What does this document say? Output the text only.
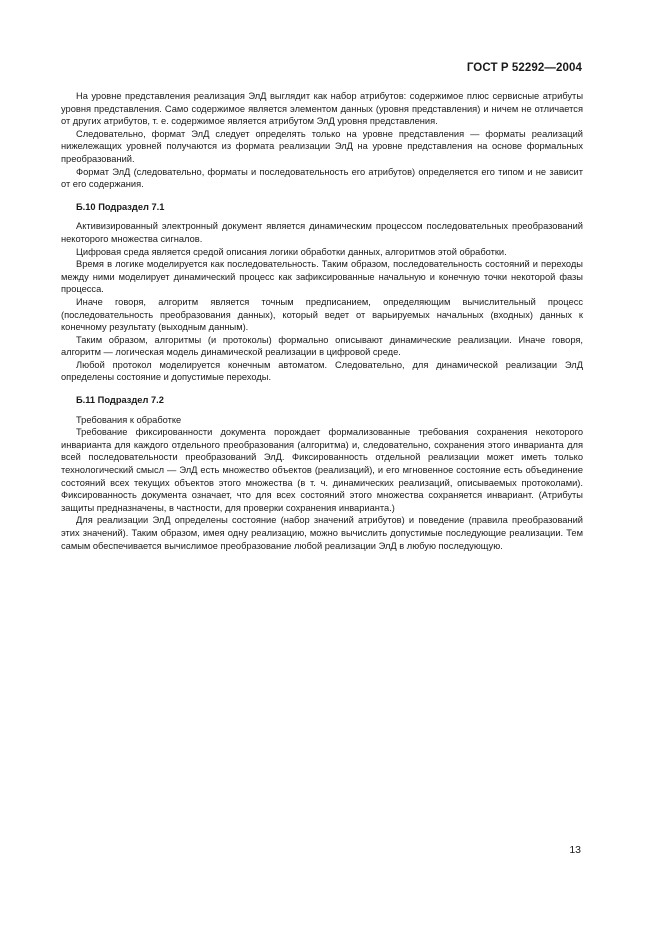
ГОСТ Р 52292—2004

На уровне представления реализация ЭлД выглядит как набор атрибутов: содержимое плюс сервисные атрибуты уровня представления. Само содержимое является элементом данных (уровня представления) и ничем не отличается от других атрибутов, т. е. содержимое является атрибутом ЭлД уровня представления.

Следовательно, формат ЭлД следует определять только на уровне представления — форматы реализаций нижележащих уровней получаются из формата реализации ЭлД на уровне представления на основе формальных преобразований.

Формат ЭлД (следовательно, форматы и последовательность его атрибутов) определяется его типом и не зависит от его содержания.

Б.10 Подраздел 7.1

Активизированный электронный документ является динамическим процессом последовательных преобразований некоторого множества сигналов.

Цифровая среда является средой описания логики обработки данных, алгоритмов этой обработки.

Время в логике моделируется как последовательность. Таким образом, последовательность состояний и переходы между ними моделирует динамический процесс как зафиксированные начальную и конечную точки некоторой фазы процесса.

Иначе говоря, алгоритм является точным предписанием, определяющим вычислительный процесс (последовательность преобразования данных), который ведет от варьируемых начальных (входных) данных к конечному результату (выходным данным).

Таким образом, алгоритмы (и протоколы) формально описывают динамические реализации. Иначе говоря, алгоритм — логическая модель динамической реализации в цифровой среде.

Любой протокол моделируется конечным автоматом. Следовательно, для динамической реализации ЭлД определены состояние и допустимые переходы.

Б.11 Подраздел 7.2

Требования к обработке

Требование фиксированности документа порождает формализованные требования сохранения некоторого инварианта для каждого отдельного преобразования (алгоритма) и, следовательно, сохранения этого инварианта для всей последовательности преобразований ЭлД. Фиксированность отдельной реализации может иметь только технологический смысл — ЭлД есть множество объектов (реализаций), и его мгновенное состояние есть объединение состояний всех текущих объектов этого множества (в т. ч. динамических реализаций, описываемых протоколами). Фиксированность документа означает, что для всех состояний этого множества сохраняется инвариант. (Атрибуты защиты предназначены, в частности, для проверки сохранения инварианта.)

Для реализации ЭлД определены состояние (набор значений атрибутов) и поведение (правила преобразований этих значений). Таким образом, имея одну реализацию, можно вычислить допустимые последующие реализации. Тем самым обеспечивается вычислимое преобразование любой реализации ЭлД в любую последующую.

13
